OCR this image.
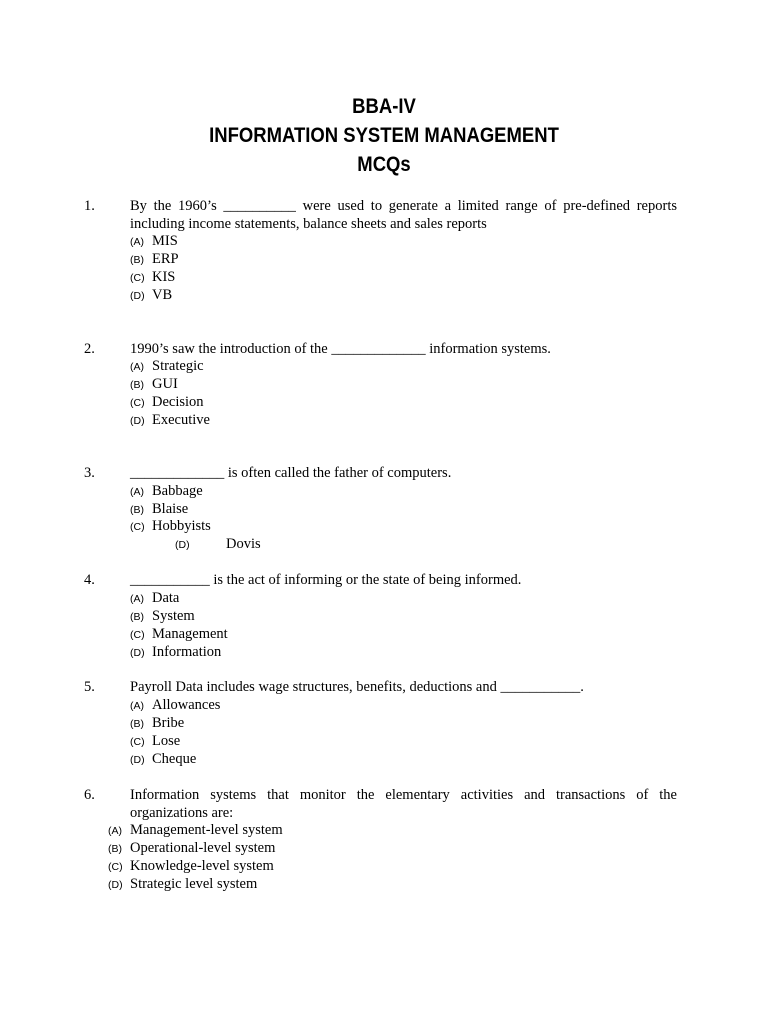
BBA-IV
INFORMATION SYSTEM MANAGEMENT
MCQs
1. By the 1960’s __________ were used to generate a limited range of pre-defined reports including income statements, balance sheets and sales reports
(A) MIS
(B) ERP
(C) KIS
(D) VB
2. 1990’s saw the introduction of the _____________ information systems.
(A) Strategic
(B) GUI
(C) Decision
(D) Executive
3. _____________ is often called the father of computers.
(A) Babbage
(B) Blaise
(C) Hobbyists
(D)	Dovis
4. ___________ is the act of informing or the state of being informed.
(A) Data
(B) System
(C) Management
(D) Information
5. Payroll Data includes wage structures, benefits, deductions and ___________.
(A) Allowances
(B) Bribe
(C) Lose
(D) Cheque
6. Information systems that monitor the elementary activities and transactions of the organizations are:
(A) Management-level system
(B) Operational-level system
(C) Knowledge-level system
(D) Strategic level system
